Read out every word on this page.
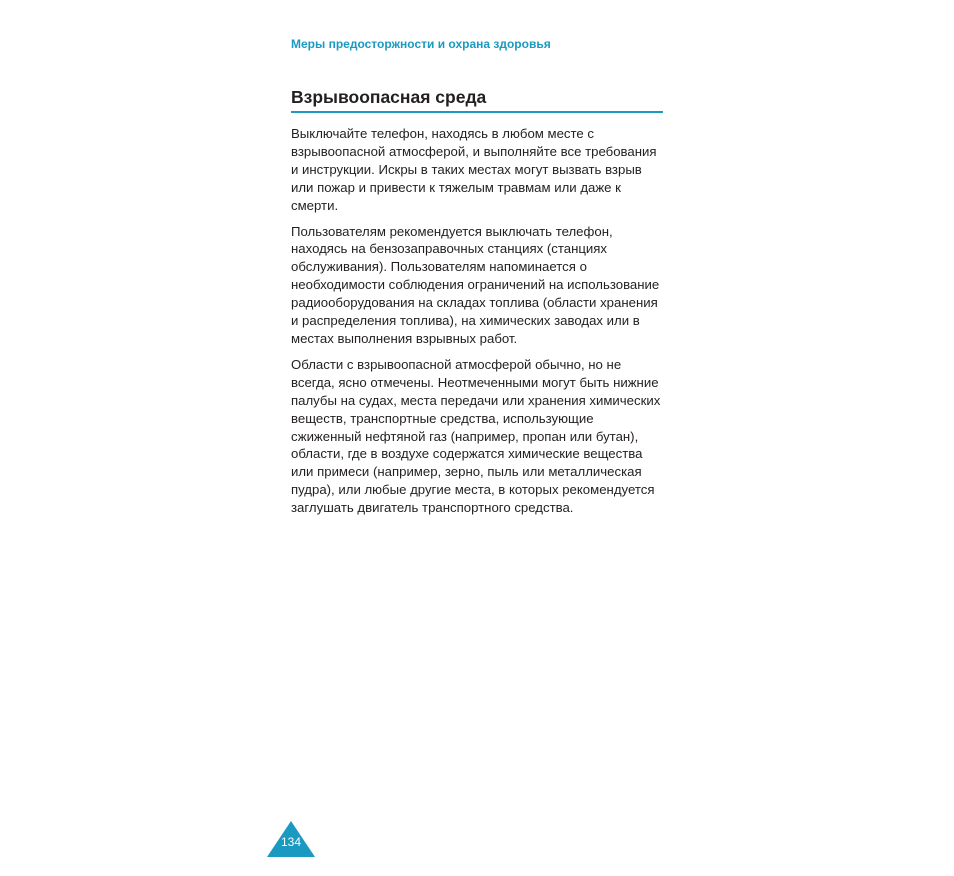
Меры предосторжности и охрана здоровья
Взрывоопасная среда

Выключайте телефон, находясь в любом месте с взрывоопасной атмосферой, и выполняйте все требования и инструкции. Искры в таких местах могут вызвать взрыв или пожар и привести к тяжелым травмам или даже к смерти.

Пользователям рекомендуется выключать телефон, находясь на бензозаправочных станциях (станциях обслуживания). Пользователям напоминается о необходимости соблюдения ограничений на использование радиооборудования на складах топлива (области хранения и распределения топлива), на химических заводах или в местах выполнения взрывных работ.

Области с взрывоопасной атмосферой обычно, но не всегда, ясно отмечены. Неотмеченными могут быть нижние палубы на судах, места передачи или хранения химических веществ, транспортные средства, использующие сжиженный нефтяной газ (например, пропан или бутан), области, где в воздухе содержатся химические вещества или примеси (например, зерно, пыль или металлическая пудра), или любые другие места, в которых рекомендуется заглушать двигатель транспортного средства.

134
